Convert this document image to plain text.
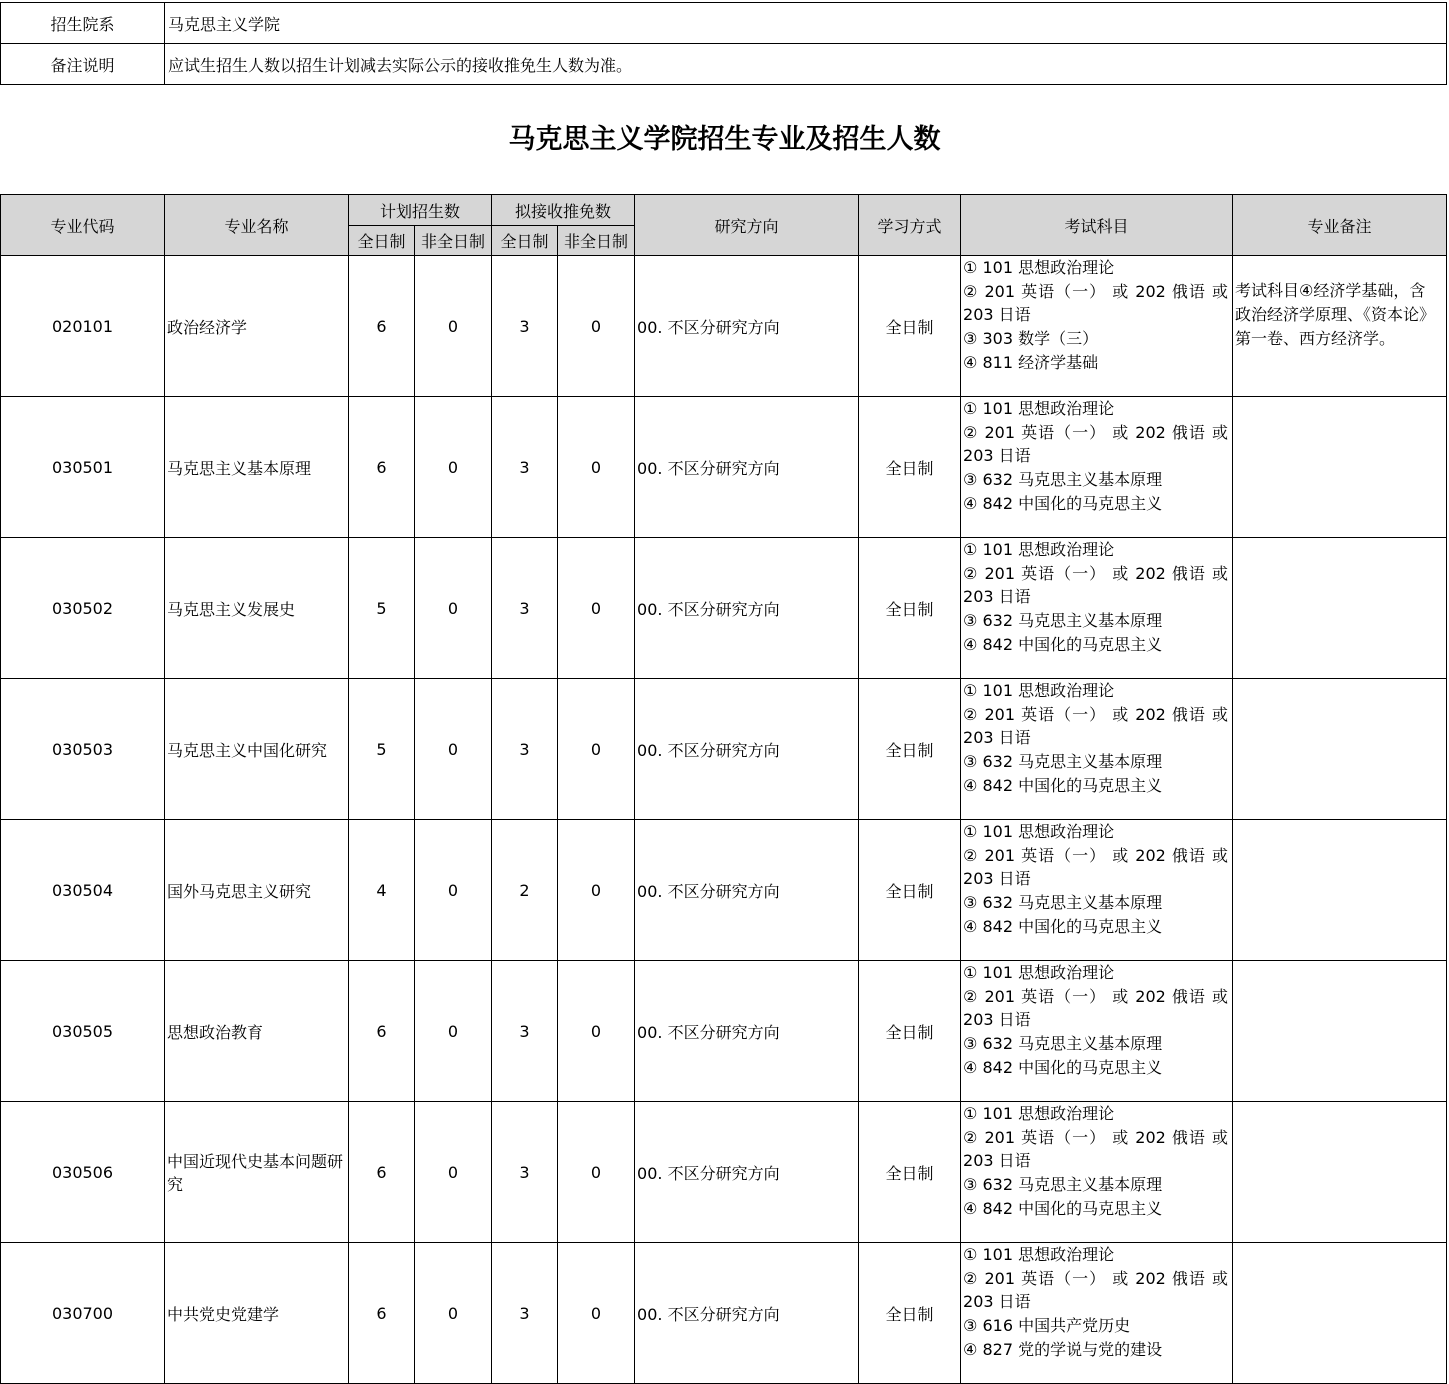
招生院系	马克思主义学院
备注说明	应试生招生人数以招生计划减去实际公示的接收推免生人数为准。
马克思主义学院招生专业及招生人数
专业代码	专业名称	计划招生数		拟接收推免数		研究方向	学习方式	考试科目	专业备注
		全日制	非全日制	全日制	非全日制				
020101	政治经济学	6	0	3	0	00. 不区分研究方向	全日制	① 101 思想政治理论
② 201 英语（一） 或 202 俄语 或 203 日语
③ 303 数学（三）
④ 811 经济学基础	考试科目④经济学基础，含政治经济学原理、《资本论》第一卷、西方经济学。
030501	马克思主义基本原理	6	0	3	0	00. 不区分研究方向	全日制	① 101 思想政治理论
② 201 英语（一） 或 202 俄语 或 203 日语
③ 632 马克思主义基本原理
④ 842 中国化的马克思主义	

030502	马克思主义发展史	5	0	3	0	00. 不区分研究方向	全日制	① 101 思想政治理论
② 201 英语（一） 或 202 俄语 或 203 日语
③ 632 马克思主义基本原理
④ 842 中国化的马克思主义	

030503	马克思主义中国化研究	5	0	3	0	00. 不区分研究方向	全日制	① 101 思想政治理论
② 201 英语（一） 或 202 俄语 或 203 日语
③ 632 马克思主义基本原理
④ 842 中国化的马克思主义	

030504	国外马克思主义研究	4	0	2	0	00. 不区分研究方向	全日制	① 101 思想政治理论
② 201 英语（一） 或 202 俄语 或 203 日语
③ 632 马克思主义基本原理
④ 842 中国化的马克思主义	

030505	思想政治教育	6	0	3	0	00. 不区分研究方向	全日制	① 101 思想政治理论
② 201 英语（一） 或 202 俄语 或 203 日语
③ 632 马克思主义基本原理
④ 842 中国化的马克思主义	

030506	中国近现代史基本问题研究	6	0	3	0	00. 不区分研究方向	全日制	① 101 思想政治理论
② 201 英语（一） 或 202 俄语 或 203 日语
③ 632 马克思主义基本原理
④ 842 中国化的马克思主义	

030700	中共党史党建学	6	0	3	0	00. 不区分研究方向	全日制	① 101 思想政治理论
② 201 英语（一） 或 202 俄语 或 203 日语
③ 616 中国共产党历史
④ 827 党的学说与党的建设	
